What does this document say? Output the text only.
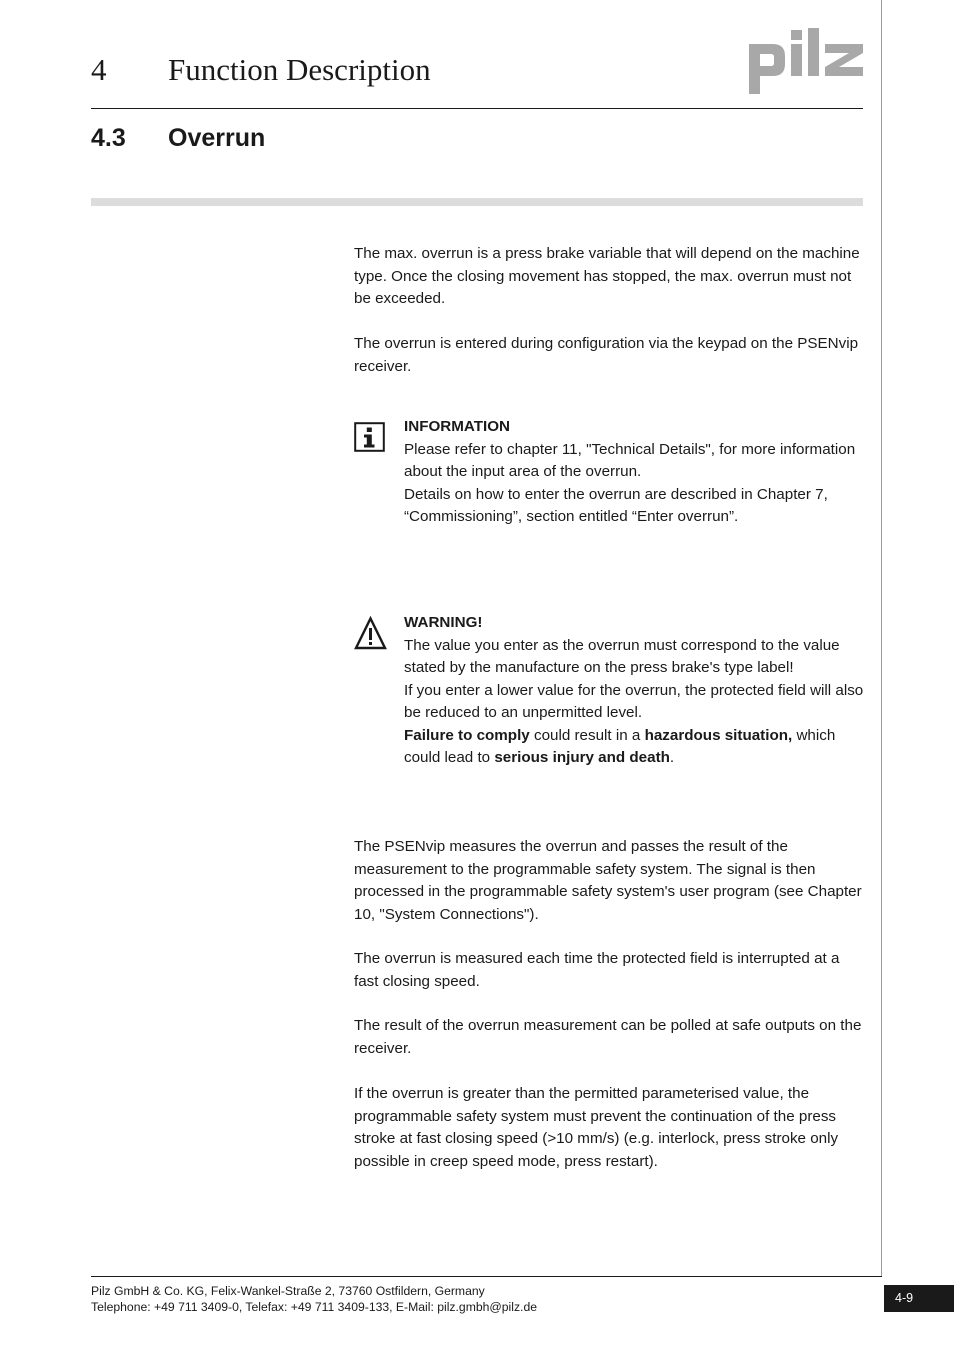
4 Function Description
pilz
4.3 Overrun

The max. overrun is a press brake variable that will depend on the machine type. Once the closing movement has stopped, the max. overrun must not be exceeded.

The overrun is entered during configuration via the keypad on the PSENvip receiver.

INFORMATION
Please refer to chapter 11, "Technical Details", for more information about the input area of the overrun.
Details on how to enter the overrun are described in Chapter 7, “Commissioning”, section entitled “Enter overrun”.
WARNING!
The value you enter as the overrun must correspond to the value stated by the manufacture on the press brake's type label!
If you enter a lower value for the overrun, the protected field will also be reduced to an unpermitted level.
Failure to comply could result in a hazardous situation, which could lead to serious injury and death.

The PSENvip measures the overrun and passes the result of the measurement to the programmable safety system. The signal is then processed in the programmable safety system's user program (see Chapter 10, "System Connections").

The overrun is measured each time the protected field is interrupted at a fast closing speed.

The result of the overrun measurement can be polled at safe outputs on the receiver.

If the overrun is greater than the permitted parameterised value, the programmable safety system must prevent the continuation of the press stroke at fast closing speed (>10 mm/s) (e.g. interlock, press stroke only possible in creep speed mode, press restart).

Pilz GmbH & Co. KG, Felix-Wankel-Straße 2, 73760 Ostfildern, Germany
Telephone: +49 711 3409-0, Telefax: +49 711 3409-133, E-Mail: pilz.gmbh@pilz.de
4-9
